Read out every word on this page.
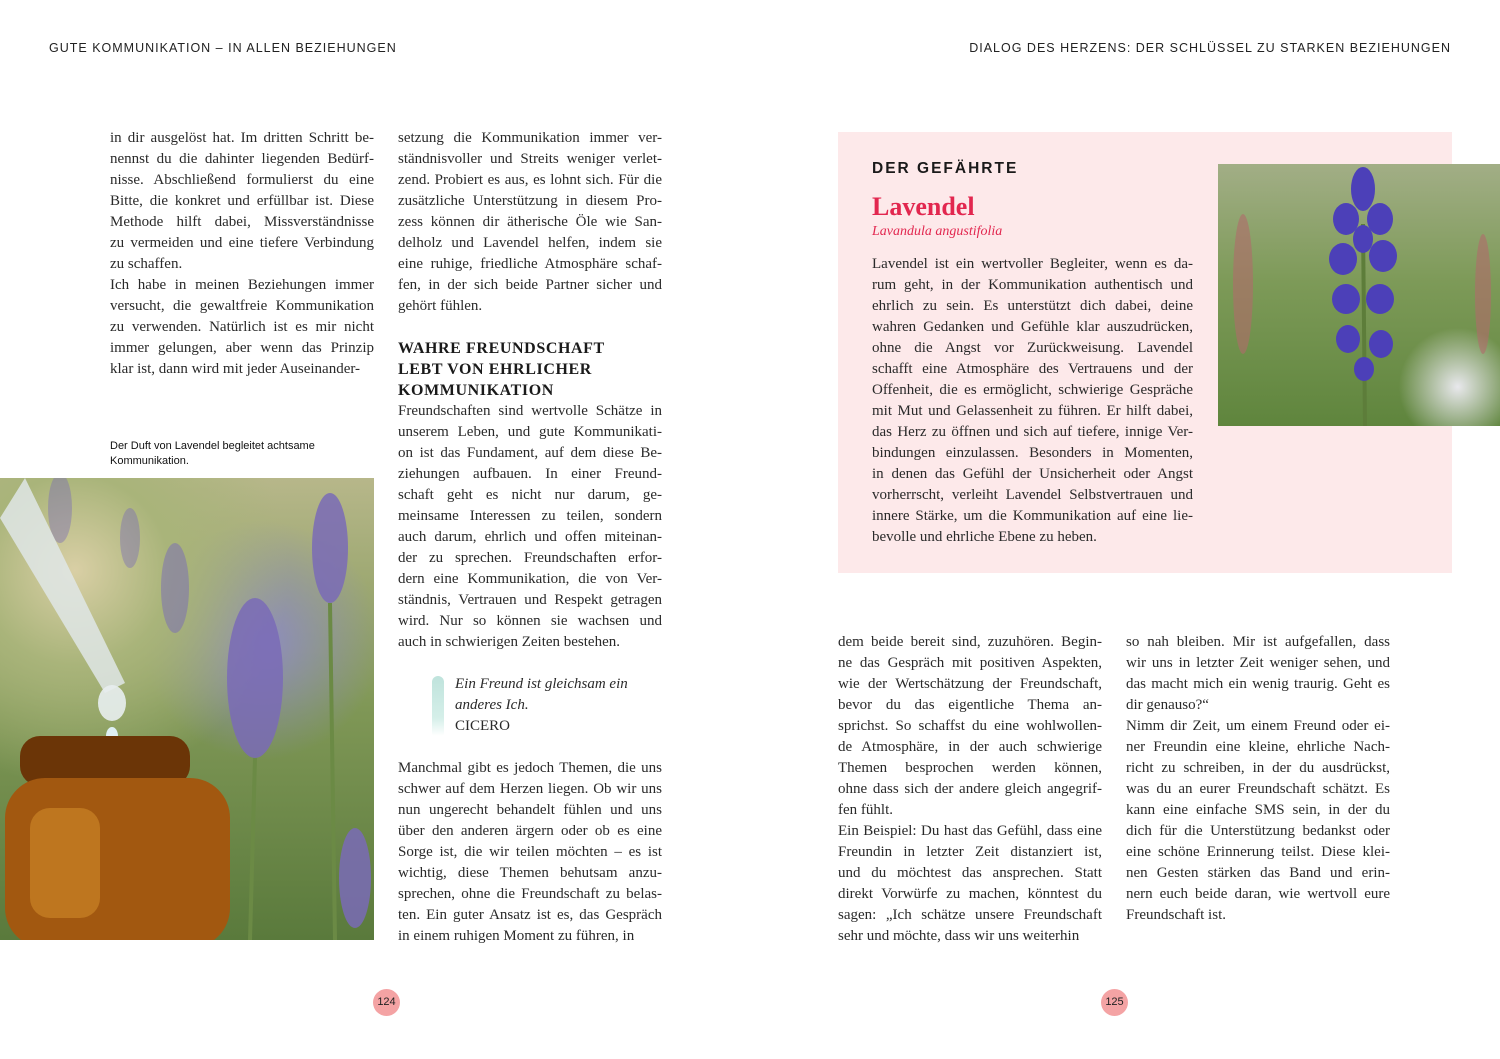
GUTE KOMMUNIKATION – IN ALLEN BEZIEHUNGEN	DIALOG DES HERZENS: DER SCHLÜSSEL ZU STARKEN BEZIEHUNGEN
in dir ausgelöst hat. Im dritten Schritt be-
nennst du die dahinter liegenden Bedürf-
nisse. Abschließend formulierst du eine
Bitte, die konkret und erfüllbar ist. Diese
Methode hilft dabei, Missverständnisse
zu vermeiden und eine tiefere Verbindung
zu schaffen.
Ich habe in meinen Beziehungen immer
versucht, die gewaltfreie Kommunikation
zu verwenden. Natürlich ist es mir nicht
immer gelungen, aber wenn das Prinzip
klar ist, dann wird mit jeder Auseinander-
setzung die Kommunikation immer ver-
ständnisvoller und Streits weniger verlet-
zend. Probiert es aus, es lohnt sich. Für die
zusätzliche Unterstützung in diesem Pro-
zess können dir ätherische Öle wie San-
delholz und Lavendel helfen, indem sie
eine ruhige, friedliche Atmosphäre schaf-
fen, in der sich beide Partner sicher und
gehört fühlen.
WAHRE FREUNDSCHAFT
LEBT VON EHRLICHER
KOMMUNIKATION
Freundschaften sind wertvolle Schätze in
unserem Leben, und gute Kommunikati-
on ist das Fundament, auf dem diese Be-
ziehungen aufbauen. In einer Freund-
schaft geht es nicht nur darum, ge-
meinsame Interessen zu teilen, sondern
auch darum, ehrlich und offen miteinan-
der zu sprechen. Freundschaften erfor-
dern eine Kommunikation, die von Ver-
ständnis, Vertrauen und Respekt getragen
wird. Nur so können sie wachsen und
auch in schwierigen Zeiten bestehen.
Ein Freund ist gleichsam ein
anderes Ich.
CICERO
Manchmal gibt es jedoch Themen, die uns
schwer auf dem Herzen liegen. Ob wir uns
nun ungerecht behandelt fühlen und uns
über den anderen ärgern oder ob es eine
Sorge ist, die wir teilen möchten – es ist
wichtig, diese Themen behutsam anzu-
sprechen, ohne die Freundschaft zu belas-
ten. Ein guter Ansatz ist es, das Gespräch
in einem ruhigen Moment zu führen, in
Der Duft von Lavendel begleitet achtsame
Kommunikation.
DER GEFÄHRTE
Lavendel
Lavandula angustifolia
Lavendel ist ein wertvoller Begleiter, wenn es da-
rum geht, in der Kommunikation authentisch und
ehrlich zu sein. Es unterstützt dich dabei, deine
wahren Gedanken und Gefühle klar auszudrücken,
ohne die Angst vor Zurückweisung. Lavendel
schafft eine Atmosphäre des Vertrauens und der
Offenheit, die es ermöglicht, schwierige Gespräche
mit Mut und Gelassenheit zu führen. Er hilft dabei,
das Herz zu öffnen und sich auf tiefere, innige Ver-
bindungen einzulassen. Besonders in Momenten,
in denen das Gefühl der Unsicherheit oder Angst
vorherrscht, verleiht Lavendel Selbstvertrauen und
innere Stärke, um die Kommunikation auf eine lie-
bevolle und ehrliche Ebene zu heben.
dem beide bereit sind, zuzuhören. Begin-
ne das Gespräch mit positiven Aspekten,
wie der Wertschätzung der Freundschaft,
bevor du das eigentliche Thema an-
sprichst. So schaffst du eine wohlwollen-
de Atmosphäre, in der auch schwierige
Themen besprochen werden können,
ohne dass sich der andere gleich angegrif-
fen fühlt.
Ein Beispiel: Du hast das Gefühl, dass eine
Freundin in letzter Zeit distanziert ist,
und du möchtest das ansprechen. Statt
direkt Vorwürfe zu machen, könntest du
sagen: „Ich schätze unsere Freundschaft
sehr und möchte, dass wir uns weiterhin
so nah bleiben. Mir ist aufgefallen, dass
wir uns in letzter Zeit weniger sehen, und
das macht mich ein wenig traurig. Geht es
dir genauso?“
Nimm dir Zeit, um einem Freund oder ei-
ner Freundin eine kleine, ehrliche Nach-
richt zu schreiben, in der du ausdrückst,
was du an eurer Freundschaft schätzt. Es
kann eine einfache SMS sein, in der du
dich für die Unterstützung bedankst oder
eine schöne Erinnerung teilst. Diese klei-
nen Gesten stärken das Band und erin-
nern euch beide daran, wie wertvoll eure
Freundschaft ist.
124	125
